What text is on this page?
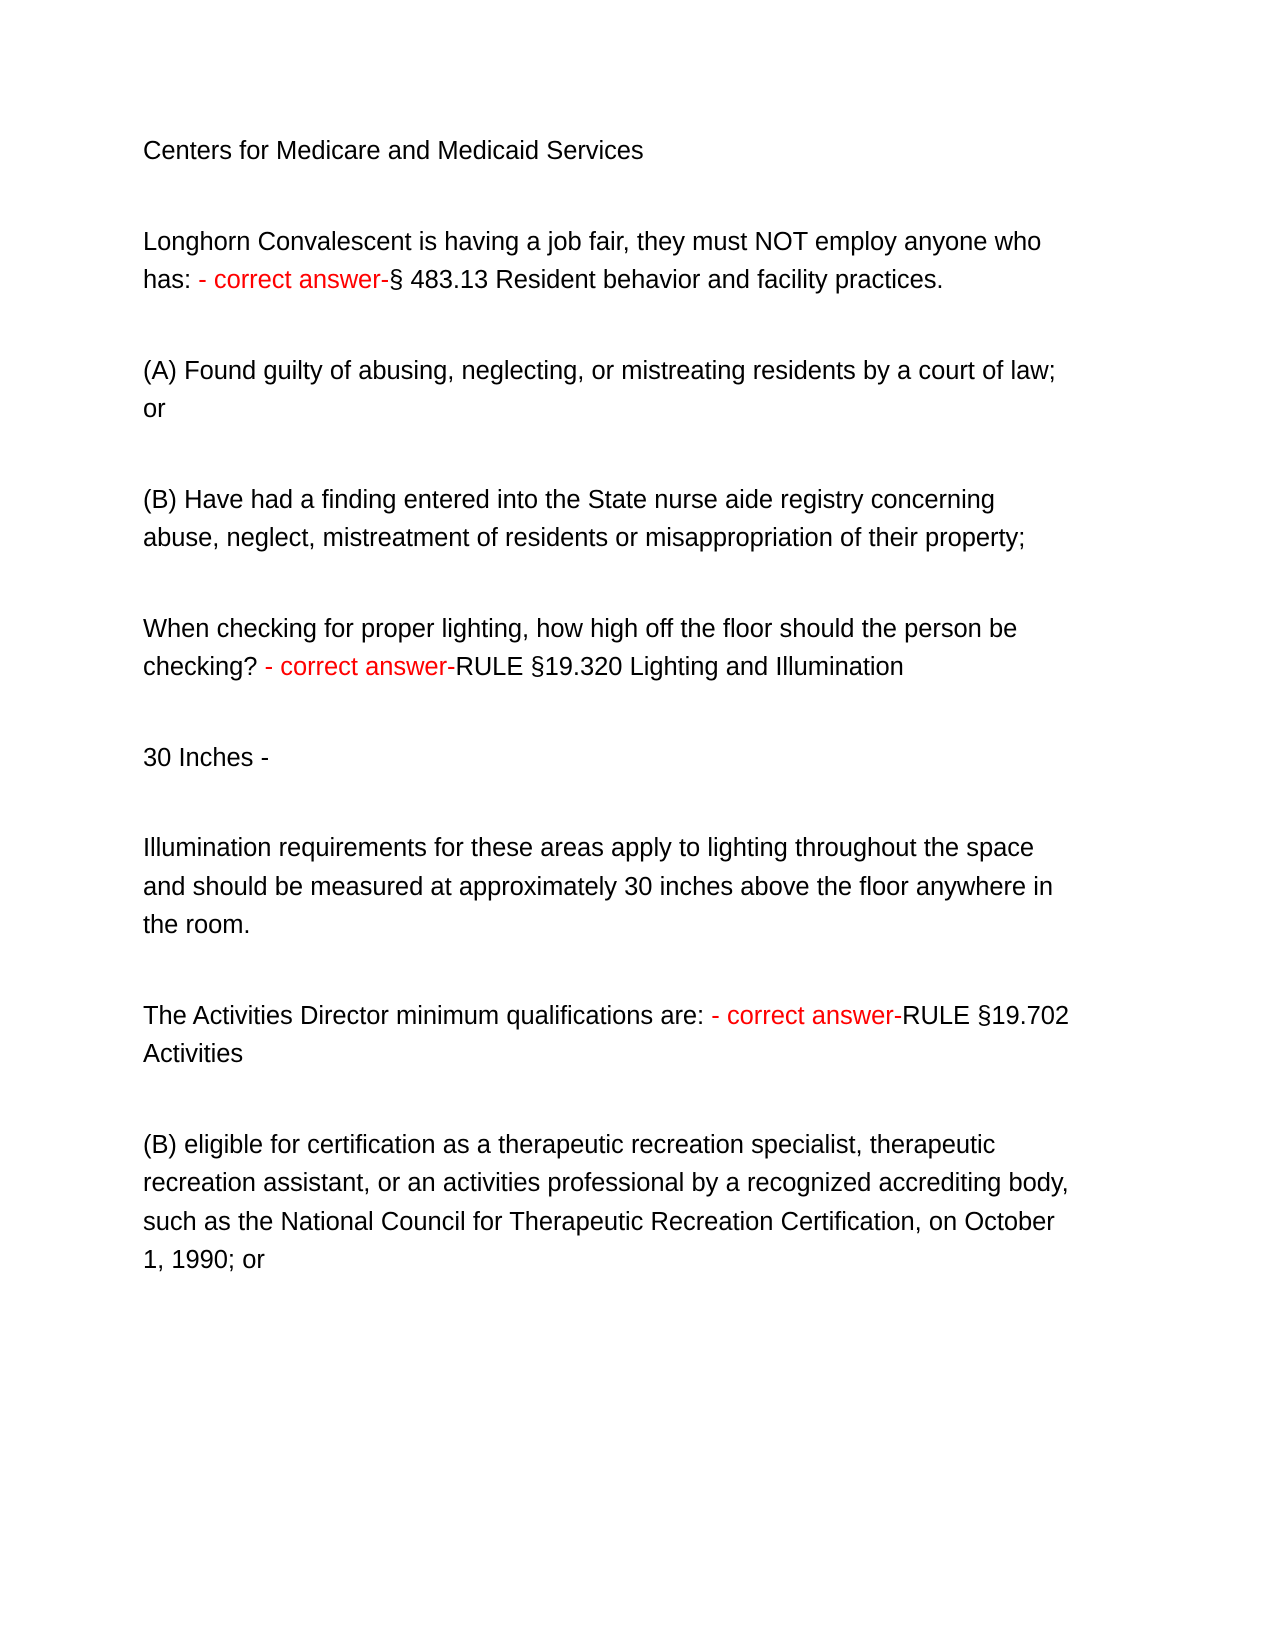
Centers for Medicare and Medicaid Services

Longhorn Convalescent is having a job fair, they must NOT employ anyone who has: - correct answer-§ 483.13 Resident behavior and facility practices.

(A) Found guilty of abusing, neglecting, or mistreating residents by a court of law; or

(B) Have had a finding entered into the State nurse aide registry concerning abuse, neglect, mistreatment of residents or misappropriation of their property;

When checking for proper lighting, how high off the floor should the person be checking? - correct answer-RULE §19.320 Lighting and Illumination

30 Inches -

Illumination requirements for these areas apply to lighting throughout the space and should be measured at approximately 30 inches above the floor anywhere in the room.

The Activities Director minimum qualifications are: - correct answer-RULE §19.702 Activities

(B) eligible for certification as a therapeutic recreation specialist, therapeutic recreation assistant, or an activities professional by a recognized accrediting body, such as the National Council for Therapeutic Recreation Certification, on October 1, 1990; or
